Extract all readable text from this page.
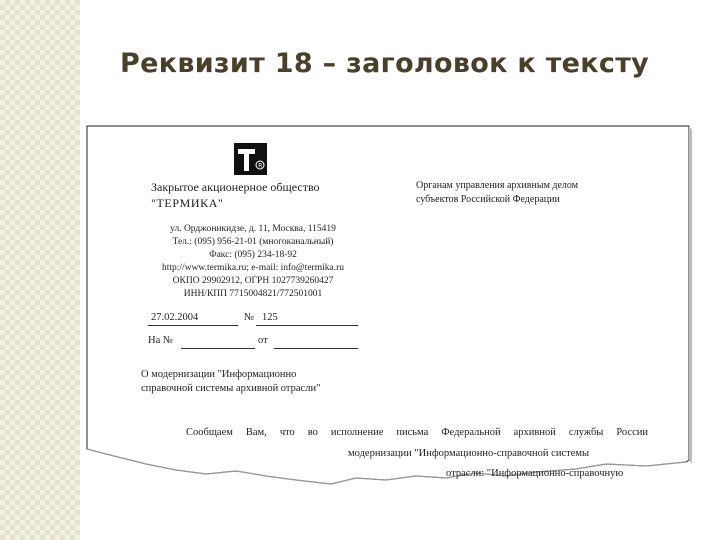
Реквизит 18 – заголовок к тексту
R
Закрытое акционерное общество
"ТЕРМИКА"
ул. Орджоникидзе, д. 11, Москва, 115419
Тел.: (095) 956-21-01 (многоканальный)
Факс: (095) 234-18-92
http://www.termika.ru; e-mail: info@termika.ru
ОКПО 29902912, ОГРН 1027739260427
ИНН/КПП 7715004821/772501001
Органам управления архивным делом
субъектов Российской Федерации
27.02.2004	№ 125
На №	от
О модернизации "Информационно
справочной системы архивной отрасли"
Сообщаем Вам, что во исполнение письма Федеральной архивной службы России
модернизации "Информационно-справочной системы
отрасли: "Информационно-справочную
